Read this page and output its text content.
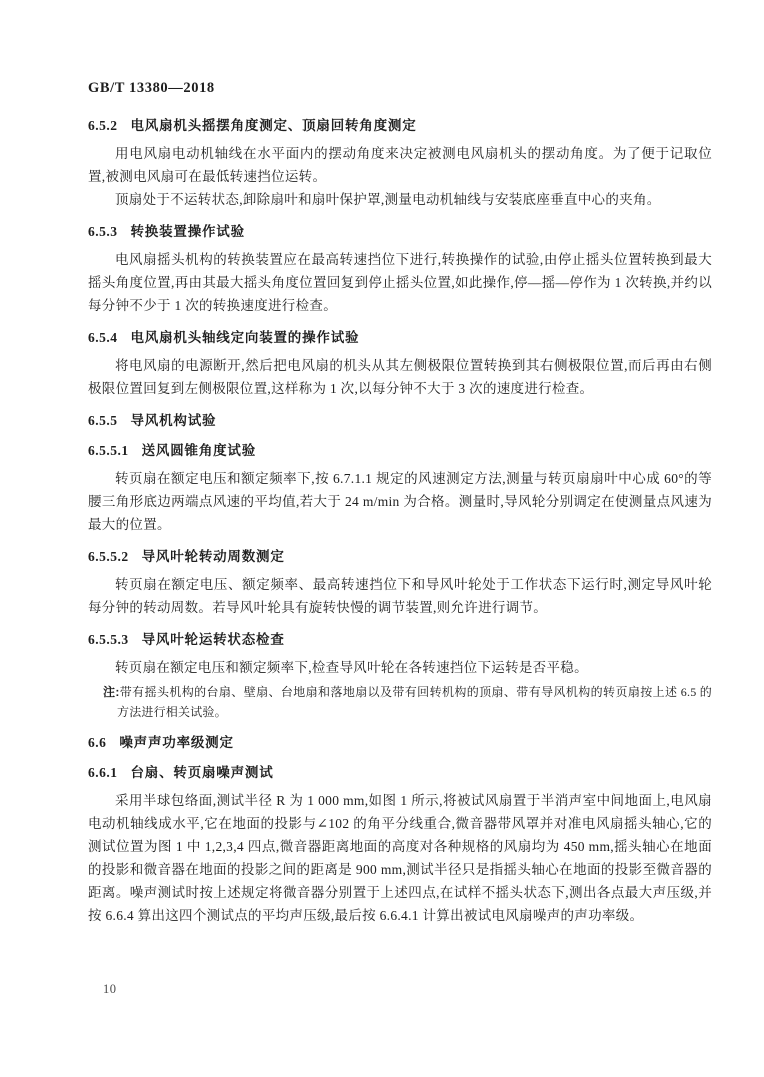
GB/T 13380—2018
6.5.2 电风扇机头摇摆角度测定、顶扇回转角度测定

用电风扇电动机轴线在水平面内的摆动角度来决定被测电风扇机头的摆动角度。为了便于记取位置,被测电风扇可在最低转速挡位运转。

顶扇处于不运转状态,卸除扇叶和扇叶保护罩,测量电动机轴线与安装底座垂直中心的夹角。

6.5.3 转换装置操作试验

电风扇摇头机构的转换装置应在最高转速挡位下进行,转换操作的试验,由停止摇头位置转换到最大摇头角度位置,再由其最大摇头角度位置回复到停止摇头位置,如此操作,停—摇—停作为 1 次转换,并约以每分钟不少于 1 次的转换速度进行检查。

6.5.4 电风扇机头轴线定向装置的操作试验

将电风扇的电源断开,然后把电风扇的机头从其左侧极限位置转换到其右侧极限位置,而后再由右侧极限位置回复到左侧极限位置,这样称为 1 次,以每分钟不大于 3 次的速度进行检查。

6.5.5 导风机构试验
6.5.5.1 送风圆锥角度试验

转页扇在额定电压和额定频率下,按 6.7.1.1 规定的风速测定方法,测量与转页扇扇叶中心成 60°的等腰三角形底边两端点风速的平均值,若大于 24 m/min 为合格。测量时,导风轮分别调定在使测量点风速为最大的位置。

6.5.5.2 导风叶轮转动周数测定

转页扇在额定电压、额定频率、最高转速挡位下和导风叶轮处于工作状态下运行时,测定导风叶轮每分钟的转动周数。若导风叶轮具有旋转快慢的调节装置,则允许进行调节。

6.5.5.3 导风叶轮运转状态检查

转页扇在额定电压和额定频率下,检查导风叶轮在各转速挡位下运转是否平稳。

注:带有摇头机构的台扇、壁扇、台地扇和落地扇以及带有回转机构的顶扇、带有导风机构的转页扇按上述 6.5 的方法进行相关试验。
6.6 噪声声功率级测定
6.6.1 台扇、转页扇噪声测试

采用半球包络面,测试半径 R 为 1 000 mm,如图 1 所示,将被试风扇置于半消声室中间地面上,电风扇电动机轴线成水平,它在地面的投影与∠102 的角平分线重合,微音器带风罩并对准电风扇摇头轴心,它的测试位置为图 1 中 1,2,3,4 四点,微音器距离地面的高度对各种规格的风扇均为 450 mm,摇头轴心在地面的投影和微音器在地面的投影之间的距离是 900 mm,测试半径只是指摇头轴心在地面的投影至微音器的距离。噪声测试时按上述规定将微音器分别置于上述四点,在试样不摇头状态下,测出各点最大声压级,并按 6.6.4 算出这四个测试点的平均声压级,最后按 6.6.4.1 计算出被试电风扇噪声的声功率级。

10
